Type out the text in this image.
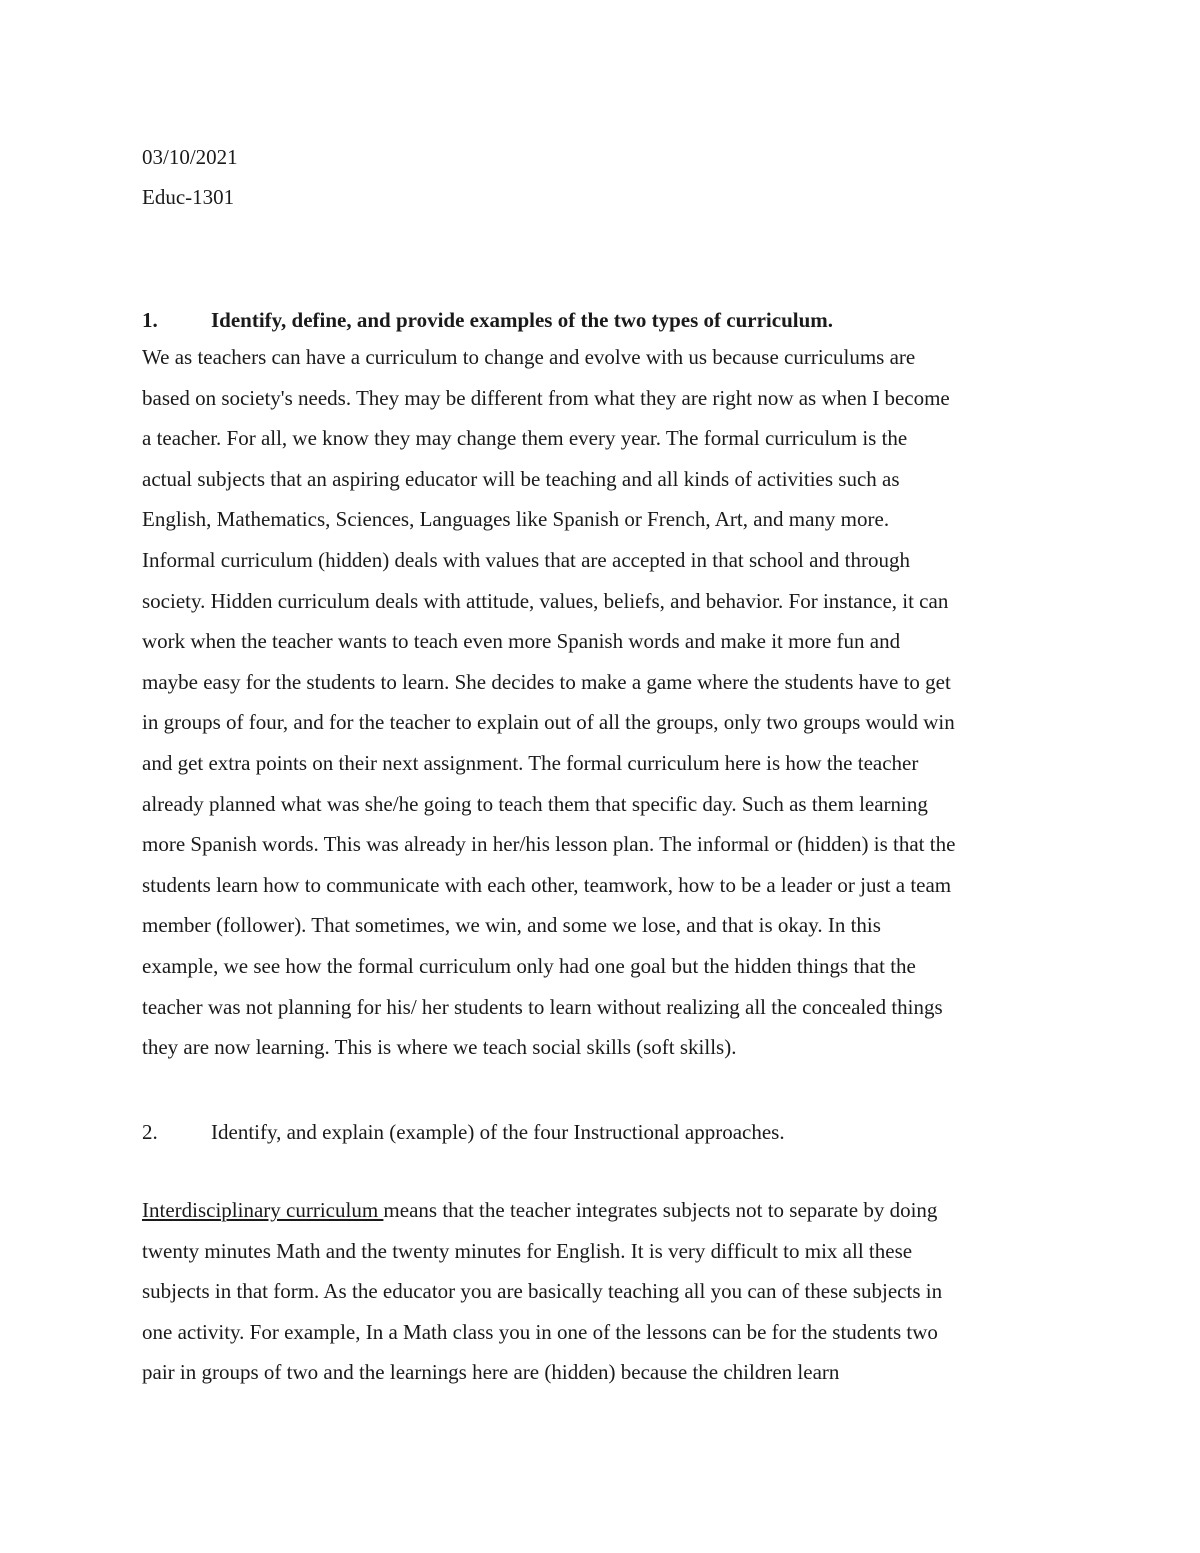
03/10/2021
Educ-1301
1.	Identify, define, and provide examples of the two types of curriculum.
We as teachers can have a curriculum to change and evolve with us because curriculums are
based on society's needs. They may be different from what they are right now as when I become
a teacher. For all, we know they may change them every year. The formal curriculum is the
actual subjects that an aspiring educator will be teaching and all kinds of activities such as
English, Mathematics, Sciences, Languages like Spanish or French, Art, and many more.
Informal curriculum (hidden) deals with values that are accepted in that school and through
society. Hidden curriculum deals with attitude, values, beliefs, and behavior. For instance, it can
work when the teacher wants to teach even more Spanish words and make it more fun and
maybe easy for the students to learn. She decides to make a game where the students have to get
in groups of four, and for the teacher to explain out of all the groups, only two groups would win
and get extra points on their next assignment. The formal curriculum here is how the teacher
already planned what was she/he going to teach them that specific day. Such as them learning
more Spanish words. This was already in her/his lesson plan. The informal or (hidden) is that the
students learn how to communicate with each other, teamwork, how to be a leader or just a team
member (follower). That sometimes, we win, and some we lose, and that is okay. In this
example, we see how the formal curriculum only had one goal but the hidden things that the
teacher was not planning for his/ her students to learn without realizing all the concealed things
they are now learning. This is where we teach social skills (soft skills).
2.	Identify, and explain (example) of the four Instructional approaches.
Interdisciplinary curriculum means that the teacher integrates subjects not to separate by doing
twenty minutes Math and the twenty minutes for English. It is very difficult to mix all these
subjects in that form. As the educator you are basically teaching all you can of these subjects in
one activity. For example, In a Math class you in one of the lessons can be for the students two
pair in groups of two and the learnings here are (hidden) because the children learn
